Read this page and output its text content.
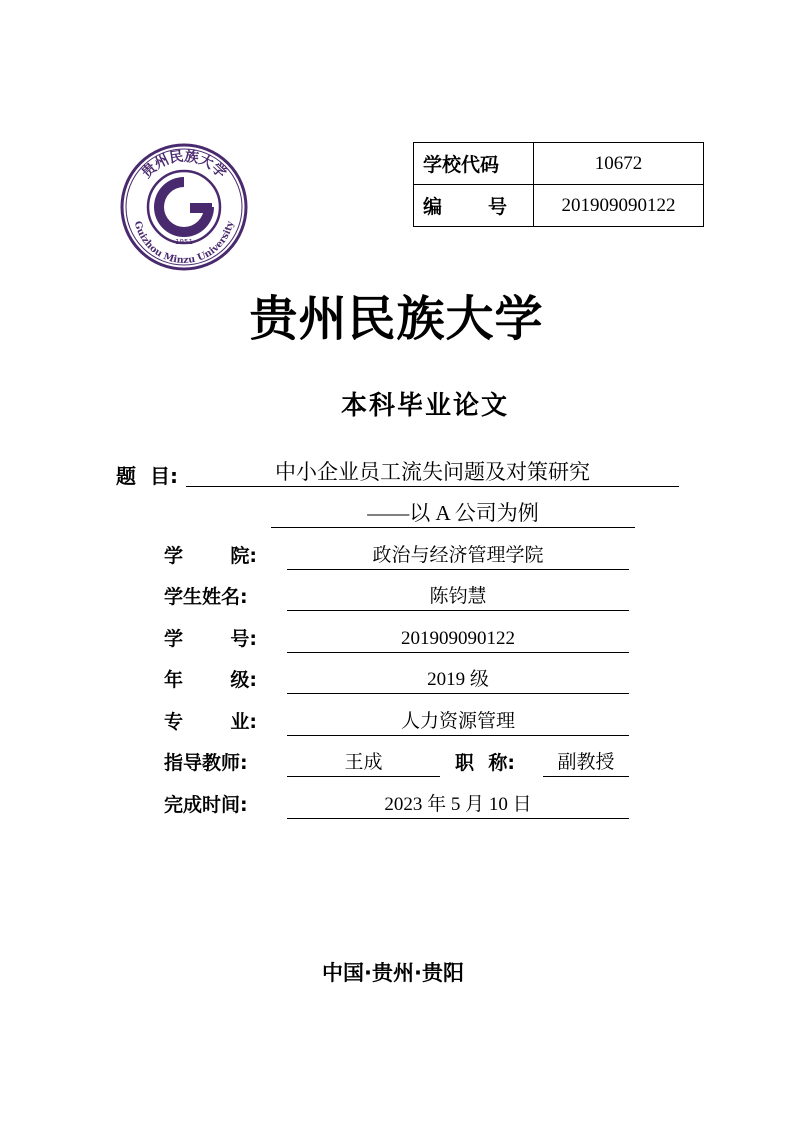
贵州民族大学
Guizhou Minzu University
1951
学校代码	10672

编 号	201909090122
贵州民族大学
本科毕业论文
题 目:	中小企业员工流失问题及对策研究
——以 A 公司为例
学 院:	政治与经济管理学院
学生姓名:	陈钧慧
学 号:	201909090122
年 级:	2019 级
专 业:	人力资源管理
指导教师:	王成	职 称:	副教授
完成时间:	2023 年 5 月 10 日
中国·贵州·贵阳
